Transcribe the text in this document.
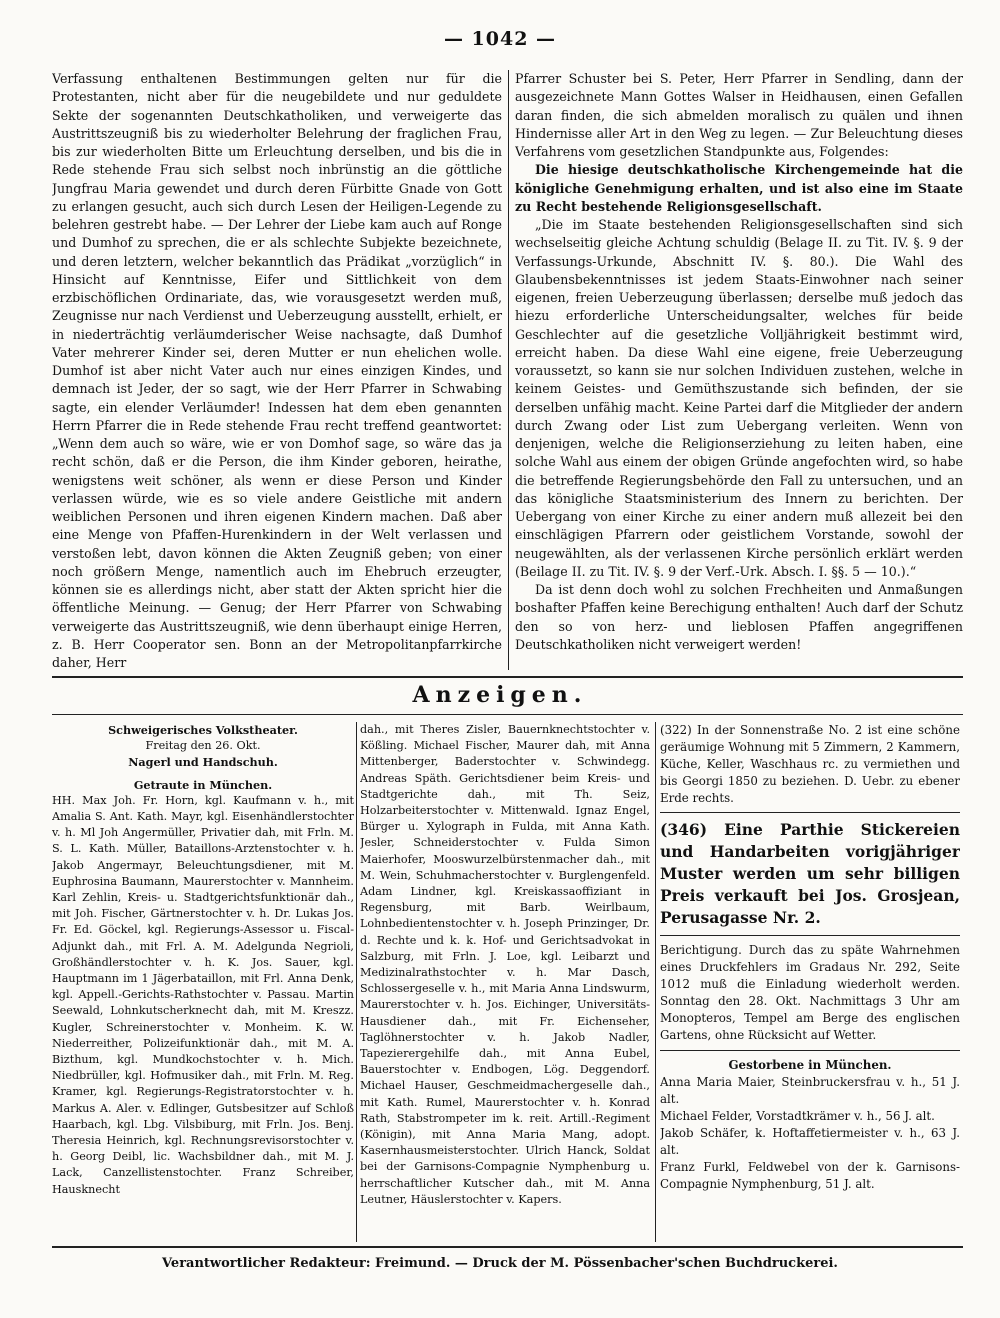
— 1042 —

Verfassung enthaltenen Bestimmungen gelten nur für die Protestanten, nicht aber für die neugebildete und nur geduldete Sekte der sogenannten Deutschkatholiken, und verweigerte das Austrittszeugniß bis zu wiederholter Belehrung der fraglichen Frau, bis zur wiederholten Bitte um Erleuchtung derselben, und bis die in Rede stehende Frau sich selbst noch inbrünstig an die göttliche Jungfrau Maria gewendet und durch deren Fürbitte Gnade von Gott zu erlangen gesucht, auch sich durch Lesen der Heiligen-Legende zu belehren gestrebt habe. — Der Lehrer der Liebe kam auch auf Ronge und Dumhof zu sprechen, die er als schlechte Subjekte bezeichnete, und deren letztern, welcher bekanntlich das Prädikat „vorzüglich“ in Hinsicht auf Kenntnisse, Eifer und Sittlichkeit von dem erzbischöflichen Ordinariate, das, wie vorausgesetzt werden muß, Zeugnisse nur nach Verdienst und Ueberzeugung ausstellt, erhielt, er in niederträchtig verläumderischer Weise nachsagte, daß Dumhof Vater mehrerer Kinder sei, deren Mutter er nun ehelichen wolle. Dumhof ist aber nicht Vater auch nur eines einzigen Kindes, und demnach ist Jeder, der so sagt, wie der Herr Pfarrer in Schwabing sagte, ein elender Verläumder! Indessen hat dem eben genannten Herrn Pfarrer die in Rede stehende Frau recht treffend geantwortet: „Wenn dem auch so wäre, wie er von Domhof sage, so wäre das ja recht schön, daß er die Person, die ihm Kinder geboren, heirathe, wenigstens weit schöner, als wenn er diese Person und Kinder verlassen würde, wie es so viele andere Geistliche mit andern weiblichen Personen und ihren eigenen Kindern machen. Daß aber eine Menge von Pfaffen-Hurenkindern in der Welt verlassen und verstoßen lebt, davon können die Akten Zeugniß geben; von einer noch größern Menge, namentlich auch im Ehebruch erzeugter, können sie es allerdings nicht, aber statt der Akten spricht hier die öffentliche Meinung. — Genug; der Herr Pfarrer von Schwabing verweigerte das Austrittszeugniß, wie denn überhaupt einige Herren, z. B. Herr Cooperator sen. Bonn an der Metropolitanpfarrkirche daher, Herr

Pfarrer Schuster bei S. Peter, Herr Pfarrer in Sendling, dann der ausgezeichnete Mann Gottes Walser in Heidhausen, einen Gefallen daran finden, die sich abmelden moralisch zu quälen und ihnen Hindernisse aller Art in den Weg zu legen. — Zur Beleuchtung dieses Verfahrens vom gesetzlichen Standpunkte aus, Folgendes:

Die hiesige deutschkatholische Kirchengemeinde hat die königliche Genehmigung erhalten, und ist also eine im Staate zu Recht bestehende Religionsgesellschaft.

„Die im Staate bestehenden Religionsgesellschaften sind sich wechselseitig gleiche Achtung schuldig (Belage II. zu Tit. IV. §. 9 der Verfassungs-Urkunde, Abschnitt IV. §. 80.). Die Wahl des Glaubensbekenntnisses ist jedem Staats-Einwohner nach seiner eigenen, freien Ueberzeugung überlassen; derselbe muß jedoch das hiezu erforderliche Unterscheidungsalter, welches für beide Geschlechter auf die gesetzliche Volljährigkeit bestimmt wird, erreicht haben. Da diese Wahl eine eigene, freie Ueberzeugung voraussetzt, so kann sie nur solchen Individuen zustehen, welche in keinem Geistes- und Gemüthszustande sich befinden, der sie derselben unfähig macht. Keine Partei darf die Mitglieder der andern durch Zwang oder List zum Uebergang verleiten. Wenn von denjenigen, welche die Religionserziehung zu leiten haben, eine solche Wahl aus einem der obigen Gründe angefochten wird, so habe die betreffende Regierungsbehörde den Fall zu untersuchen, und an das königliche Staatsministerium des Innern zu berichten. Der Uebergang von einer Kirche zu einer andern muß allezeit bei den einschlägigen Pfarrern oder geistlichem Vorstande, sowohl der neugewählten, als der verlassenen Kirche persönlich erklärt werden (Beilage II. zu Tit. IV. §. 9 der Verf.-Urk. Absch. I. §§. 5 — 10.).“

Da ist denn doch wohl zu solchen Frechheiten und Anmaßungen boshafter Pfaffen keine Berechigung enthalten! Auch darf der Schutz den so von herz- und lieblosen Pfaffen angegriffenen Deutschkatholiken nicht verweigert werden!

Anzeigen.

Schweigerisches Volkstheater.

Freitag den 26. Okt.

Nagerl und Handschuh.

Getraute in München.

HH. Max Joh. Fr. Horn, kgl. Kaufmann v. h., mit Amalia S. Ant. Kath. Mayr, kgl. Eisenhändlerstochter v. h. Ml Joh Angermüller, Privatier dah, mit Frln. M. S. L. Kath. Müller, Bataillons-Arztenstochter v. h. Jakob Angermayr, Beleuchtungsdiener, mit M. Euphrosina Baumann, Maurerstochter v. Mannheim. Karl Zehlin, Kreis- u. Stadtgerichtsfunktionär dah., mit Joh. Fischer, Gärtnerstochter v. h. Dr. Lukas Jos. Fr. Ed. Göckel, kgl. Regierungs-Assessor u. Fiscal-Adjunkt dah., mit Frl. A. M. Adelgunda Negrioli, Großhändlerstochter v. h. K. Jos. Sauer, kgl. Hauptmann im 1 Jägerbataillon, mit Frl. Anna Denk, kgl. Appell.-Gerichts-Rathstochter v. Passau. Martin Seewald, Lohnkutscherknecht dah, mit M. Kreszz. Kugler, Schreinerstochter v. Monheim. K. W. Niederreither, Polizeifunktionär dah., mit M. A. Bizthum, kgl. Mundkochstochter v. h. Mich. Niedbrüller, kgl. Hofmusiker dah., mit Frln. M. Reg. Kramer, kgl. Regierungs-Registratorstochter v. h. Markus A. Aler. v. Edlinger, Gutsbesitzer auf Schloß Haarbach, kgl. Lbg. Vilsbiburg, mit Frln. Jos. Benj. Theresia Heinrich, kgl. Rechnungsrevisorstochter v. h. Georg Deibl, lic. Wachsbildner dah., mit M. J. Lack, Canzellistenstochter. Franz Schreiber, Hausknecht

dah., mit Theres Zisler, Bauernknechtstochter v. Kößling. Michael Fischer, Maurer dah, mit Anna Mittenberger, Baderstochter v. Schwindegg. Andreas Späth. Gerichtsdiener beim Kreis- und Stadtgerichte dah., mit Th. Seiz, Holzarbeiterstochter v. Mittenwald. Ignaz Engel, Bürger u. Xylograph in Fulda, mit Anna Kath. Jesler, Schneiderstochter v. Fulda Simon Maierhofer, Mooswurzelbürstenmacher dah., mit M. Wein, Schuhmacherstochter v. Burglengenfeld. Adam Lindner, kgl. Kreiskassaoffiziant in Regensburg, mit Barb. Weirlbaum, Lohnbedientenstochter v. h. Joseph Prinzinger, Dr. d. Rechte und k. k. Hof- und Gerichtsadvokat in Salzburg, mit Frln. J. Loe, kgl. Leibarzt und Medizinalrathstochter v. h. Mar Dasch, Schlossergeselle v. h., mit Maria Anna Lindswurm, Maurerstochter v. h. Jos. Eichinger, Universitäts-Hausdiener dah., mit Fr. Eichenseher, Taglöhnerstochter v. h. Jakob Nadler, Tapezierergehilfe dah., mit Anna Eubel, Bauerstochter v. Endbogen, Lög. Deggendorf. Michael Hauser, Geschmeidmachergeselle dah., mit Kath. Rumel, Maurerstochter v. h. Konrad Rath, Stabstrompeter im k. reit. Artill.-Regiment (Königin), mit Anna Maria Mang, adopt. Kasernhausmeisterstochter. Ulrich Hanck, Soldat bei der Garnisons-Compagnie Nymphenburg u. herrschaftlicher Kutscher dah., mit M. Anna Leutner, Häuslerstochter v. Kapers.

(322) In der Sonnenstraße No. 2 ist eine schöne geräumige Wohnung mit 5 Zimmern, 2 Kammern, Küche, Keller, Waschhaus rc. zu vermiethen und bis Georgi 1850 zu beziehen. D. Uebr. zu ebener Erde rechts.

(346) Eine Parthie Stickereien und Handarbeiten vorigjähriger Muster werden um sehr billigen Preis verkauft bei Jos. Grosjean, Perusagasse Nr. 2.

Berichtigung. Durch das zu späte Wahrnehmen eines Druckfehlers im Gradaus Nr. 292, Seite 1012 muß die Einladung wiederholt werden. Sonntag den 28. Okt. Nachmittags 3 Uhr am Monopteros, Tempel am Berge des englischen Gartens, ohne Rücksicht auf Wetter.

Gestorbene in München.

Anna Maria Maier, Steinbruckersfrau v. h., 51 J. alt.

Michael Felder, Vorstadtkrämer v. h., 56 J. alt.

Jakob Schäfer, k. Hoftaffetiermeister v. h., 63 J. alt.

Franz Furkl, Feldwebel von der k. Garnisons-Compagnie Nymphenburg, 51 J. alt.

Verantwortlicher Redakteur: Freimund. — Druck der M. Pössenbacher'schen Buchdruckerei.
